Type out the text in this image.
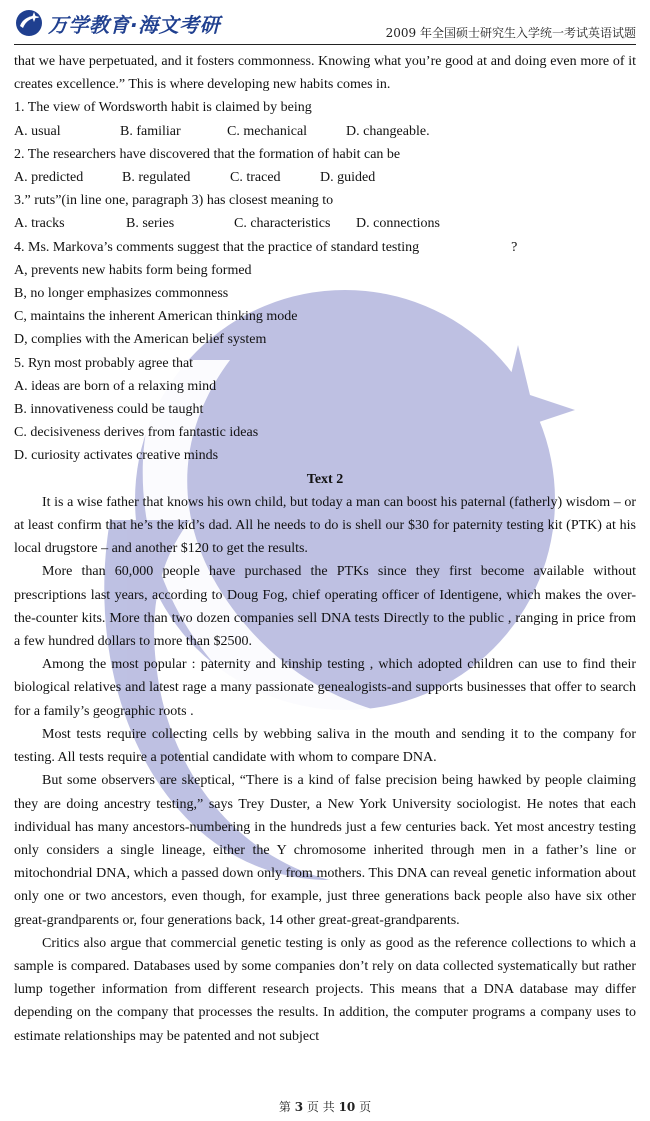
万学教育·海文考研	2009 年全国硕士研究生入学统一考试英语试题

that we have perpetuated, and it fosters commonness. Knowing what you’re good at and doing even more of it creates excellence.” This is where developing new habits comes in.

1. The view of Wordsworth habit is claimed by being

A. usual	B. familiar	C. mechanical	D. changeable.

2. The researchers have discovered that the formation of habit can be

A. predicted	B. regulated	C. traced	D. guided

3.” ruts”(in line one, paragraph 3) has closest meaning to

A. tracks	B. series	C. characteristics	D. connections

4. Ms. Markova’s comments suggest that the practice of standard testing	?

A, prevents new habits form being formed

B, no longer emphasizes commonness

C, maintains the inherent American thinking mode

D, complies with the American belief system

5. Ryn most probably agree that

A. ideas are born of a relaxing mind

B. innovativeness could be taught

C. decisiveness derives from fantastic ideas

D. curiosity activates creative minds

Text 2

It is a wise father that knows his own child, but today a man can boost his paternal (fatherly) wisdom – or at least confirm that he’s the kid’s dad. All he needs to do is shell our $30 for paternity testing kit (PTK) at his local drugstore – and another $120 to get the results.

More than 60,000 people have purchased the PTKs since they first become available without prescriptions last years, according to Doug Fog, chief operating officer of Identigene, which makes the over-the-counter kits. More than two dozen companies sell DNA tests Directly to the public , ranging in price from a few hundred dollars to more than $2500.

Among the most popular : paternity and kinship testing , which adopted children can use to find their biological relatives and latest rage a many passionate genealogists-and supports businesses that offer to search for a family’s geographic roots .

Most tests require collecting cells by webbing saliva in the mouth and sending it to the company for testing. All tests require a potential candidate with whom to compare DNA.

But some observers are skeptical, “There is a kind of false precision being hawked by people claiming they are doing ancestry testing,” says Trey Duster, a New York University sociologist. He notes that each individual has many ancestors-numbering in the hundreds just a few centuries back. Yet most ancestry testing only considers a single lineage, either the Y chromosome inherited through men in a father’s line or mitochondrial DNA, which a passed down only from mothers. This DNA can reveal genetic information about only one or two ancestors, even though, for example, just three generations back people also have six other great-grandparents or, four generations back, 14 other great-great-grandparents.

Critics also argue that commercial genetic testing is only as good as the reference collections to which a sample is compared. Databases used by some companies don’t rely on data collected systematically but rather lump together information from different research projects. This means that a DNA database may differ depending on the company that processes the results. In addition, the computer programs a company uses to estimate relationships may be patented and not subject

第 3 页 共 10 页
